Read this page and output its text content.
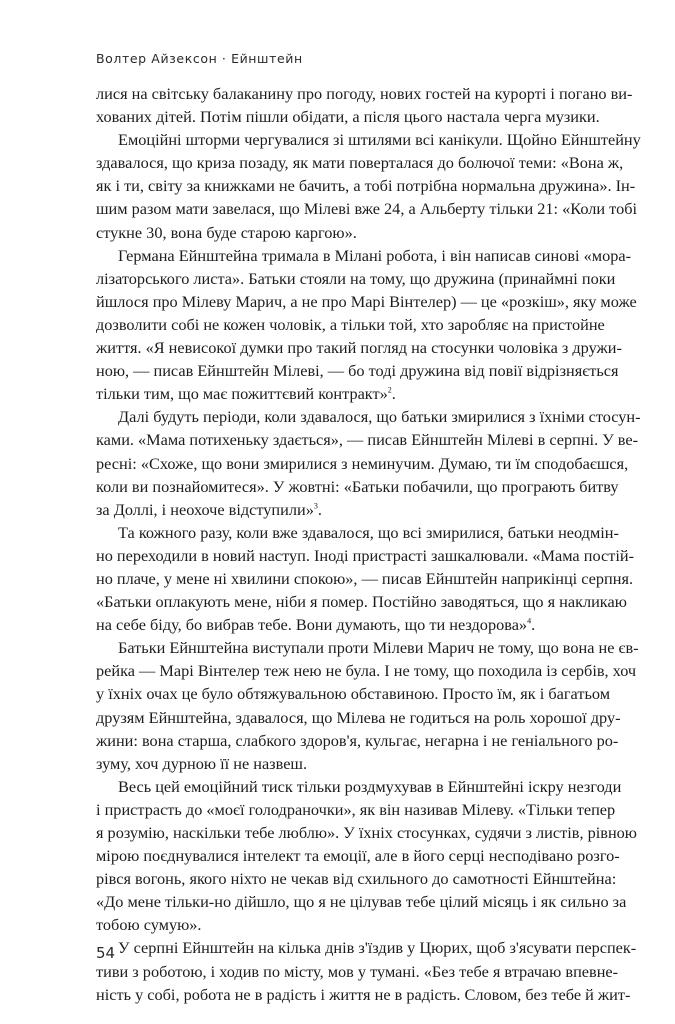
Волтер Айзексон · Ейнштейн

лися на світську балаканину про погоду, нових гостей на курорті і погано ви-
хованих дітей. Потім пішли обідати, а після цього настала черга музики.

Емоційні шторми чергувалися зі штилями всі канікули. Щойно Ейнштейну
здавалося, що криза позаду, як мати поверталася до болючої теми: «Вона ж,
як і ти, світу за книжками не бачить, а тобі потрібна нормальна дружина». Ін-
шим разом мати завелася, що Мілеві вже 24, а Альберту тільки 21: «Коли тобі
стукне 30, вона буде старою каргою».

Германа Ейнштейна тримала в Мілані робота, і він написав синові «мора-
лізаторського листа». Батьки стояли на тому, що дружина (принаймні поки
йшлося про Мілеву Марич, а не про Марі Вінтелер) — це «розкіш», яку може
дозволити собі не кожен чоловік, а тільки той, хто заробляє на пристойне
життя. «Я невисокої думки про такий погляд на стосунки чоловіка з дружи-
ною, — писав Ейнштейн Мілеві, — бо тоді дружина від повії відрізняється
тільки тим, що має пожиттєвий контракт»$^2$.

Далі будуть періоди, коли здавалося, що батьки змирилися з їхніми стосун-
ками. «Мама потихеньку здається», — писав Ейнштейн Мілеві в серпні. У ве-
ресні: «Схоже, що вони змирилися з неминучим. Думаю, ти їм сподобаєшся,
коли ви познайомитеся». У жовтні: «Батьки побачили, що програють битву
за Доллі, і неохоче відступили»$^3$.

Та кожного разу, коли вже здавалося, що всі змирилися, батьки неодмін-
но переходили в новий наступ. Іноді пристрасті зашкалювали. «Мама постій-
но плаче, у мене ні хвилини спокою», — писав Ейнштейн наприкінці серпня.
«Батьки оплакують мене, ніби я помер. Постійно заводяться, що я накликаю
на себе біду, бо вибрав тебе. Вони думають, що ти нездорова»$^4$.

Батьки Ейнштейна виступали проти Мілеви Марич не тому, що вона не єв-
рейка — Марі Вінтелер теж нею не була. І не тому, що походила із сербів, хоч
у їхніх очах це було обтяжувальною обставиною. Просто їм, як і багатьом
друзям Ейнштейна, здавалося, що Мілева не годиться на роль хорошої дру-
жини: вона старша, слабкого здоров'я, кульгає, негарна і не геніального ро-
зуму, хоч дурною її не назвеш.

Весь цей емоційний тиск тільки роздмухував в Ейнштейні іскру незгоди
і пристрасть до «моєї голодраночки», як він називав Мілеву. «Тільки тепер
я розумію, наскільки тебе люблю». У їхніх стосунках, судячи з листів, рівною
мірою поєднувалися інтелект та емоції, але в його серці несподівано розго-
рівся вогонь, якого ніхто не чекав від схильного до самотності Ейнштейна:
«До мене тільки-но дійшло, що я не цілував тебе цілий місяць і як сильно за
тобою сумую».

У серпні Ейнштейн на кілька днів з'їздив у Цюрих, щоб з'ясувати перспек-
тиви з роботою, і ходив по місту, мов у тумані. «Без тебе я втрачаю впевне-
ність у собі, робота не в радість і життя не в радість. Словом, без тебе й жит-

54
